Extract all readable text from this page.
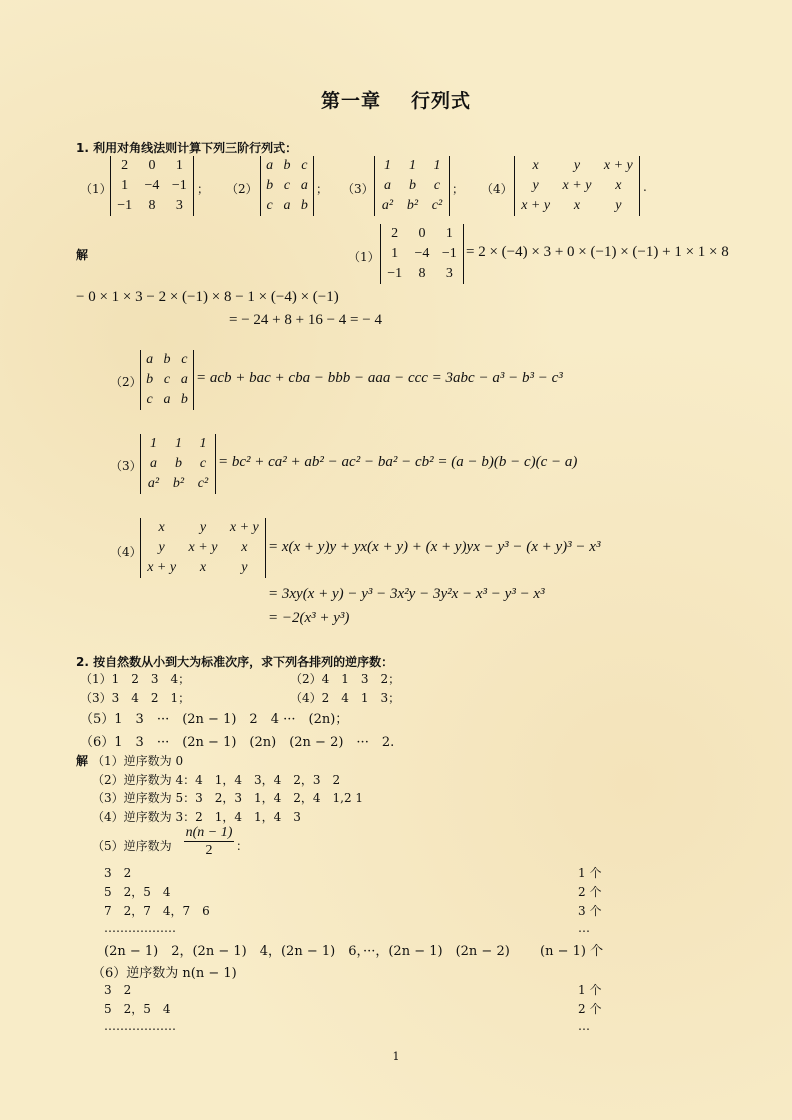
第一章 行列式
1. 利用对角线法则计算下列三阶行列式：
（1）
2	0	1
1	−4	−1
−1	8	3
； （2）
a	b	c
b	c	a
c	a	b
； （3）
1	1	1
a	b	c
a²	b²	c²
； （4）
x	y	x + y
y	x + y	x
x + y	x	y
.
解	（1）
2	0	1
1	−4	−1
−1	8	3
= 2 × (−4) × 3 + 0 × (−1) × (−1) + 1 × 1 × 8
− 0 × 1 × 3 − 2 × (−1) × 8 − 1 × (−4) × (−1)
= − 24 + 8 + 16 − 4 = − 4
（2）
a	b	c
b	c	a
c	a	b
= acb + bac + cba − bbb − aaa − ccc = 3abc − a³ − b³ − c³
（3）
1	1	1
a	b	c
a²	b²	c²
= bc² + ca² + ab² − ac² − ba² − cb² = (a − b)(b − c)(c − a)
（4）
x	y	x + y
y	x + y	x
x + y	x	y
= x(x + y)y + yx(x + y) + (x + y)yx − y³ − (x + y)³ − x³
= 3xy(x + y) − y³ − 3x²y − 3y²x − x³ − y³ − x³
= −2(x³ + y³)
2. 按自然数从小到大为标准次序，求下列各排列的逆序数：
（1）1　2　3　4；	（2）4　1　3　2；
（3）3　4　2　1；	（4）2　4　1　3；
（5）1　3　···　(2n − 1)　2　4 ···　(2n)；
（6）1　3　···　(2n − 1)　(2n)　(2n − 2)　···　2.
解 （1）逆序数为 0
（2）逆序数为 4：4　1，4　3，4　2，3　2
（3）逆序数为 5：3　2，3　1，4　2，4　1,2 1
（4）逆序数为 3：2　1，4　1，4　3
（5）逆序数为 $\frac{n(n - 1)}{2}$ ：
3　2	1 个
5　2，5　4	2 个
7　2，7　4，7　6	3 个
………………	…
(2n − 1)　2，(2n − 1)　4，(2n − 1)　6，···，(2n − 1)　(2n − 2) (n − 1) 个
（6）逆序数为 n(n − 1)
3　2	1 个
5　2，5　4	2 个
………………	…
1
